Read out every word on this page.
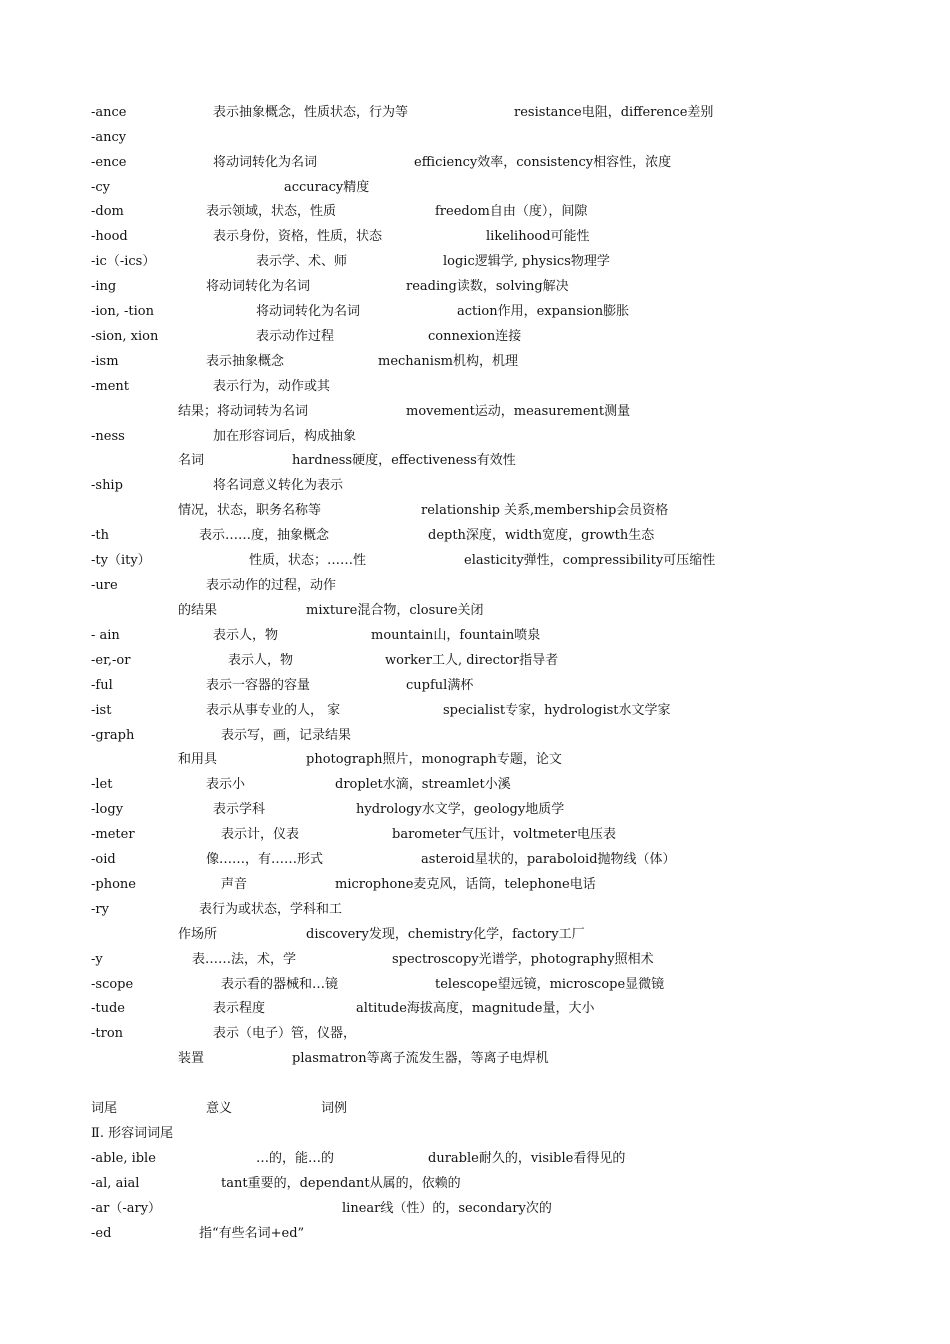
-ance	表示抽象概念，性质状态，行为等	resistance电阻，difference差别
-ancy
-ence	将动词转化为名词	efficiency效率，consistency相容性，浓度
-cy	accuracy精度
-dom	表示领域，状态，性质	freedom自由（度），间隙
-hood	表示身份，资格，性质，状态	likelihood可能性
-ic（-ics）	表示学、术、师	logic逻辑学, physics物理学
-ing	将动词转化为名词	reading读数，solving解决
-ion, -tion	将动词转化为名词	action作用，expansion膨胀
-sion, xion	表示动作过程	connexion连接
-ism	表示抽象概念	mechanism机构，机理
-ment	表示行为，动作或其
结果；将动词转为名词	movement运动，measurement测量
-ness	加在形容词后，构成抽象
名词	hardness硬度，effectiveness有效性
-ship	将名词意义转化为表示
情况，状态，职务名称等	relationship 关系,membership会员资格
-th	表示……度，抽象概念	depth深度，width宽度，growth生态
-ty（ity）	性质，状态；……性	elasticity弹性，compressibility可压缩性
-ure	表示动作的过程，动作
的结果	mixture混合物，closure关闭
- ain	表示人，物	mountain山，fountain喷泉
-er,-or	表示人，物	worker工人, director指导者
-ful	表示一容器的容量	cupful满杯
-ist	表示从事专业的人， 家	specialist专家，hydrologist水文学家
-graph	表示写，画，记录结果
和用具	photograph照片，monograph专题，论文
-let	表示小	droplet水滴，streamlet小溪
-logy	表示学科	hydrology水文学，geology地质学
-meter	表示计，仪表	barometer气压计，voltmeter电压表
-oid	像……，有……形式	asteroid星状的，paraboloid抛物线（体）
-phone	声音	microphone麦克风，话筒，telephone电话
-ry	表行为或状态，学科和工
作场所	discovery发现，chemistry化学，factory工厂
-y	表……法，术，学	spectroscopy光谱学，photography照相术
-scope	表示看的器械和…镜	telescope望远镜，microscope显微镜
-tude	表示程度	altitude海拔高度，magnitude量，大小
-tron	表示（电子）管，仪器，
装置	plasmatron等离子流发生器，等离子电焊机
词尾	意义	词例
Ⅱ. 形容词词尾
-able, ible	…的，能…的	durable耐久的，visible看得见的
-al, aial	tant重要的，dependant从属的，依赖的
-ar（-ary）	linear线（性）的，secondary次的
-ed	指“有些名词+ed”
